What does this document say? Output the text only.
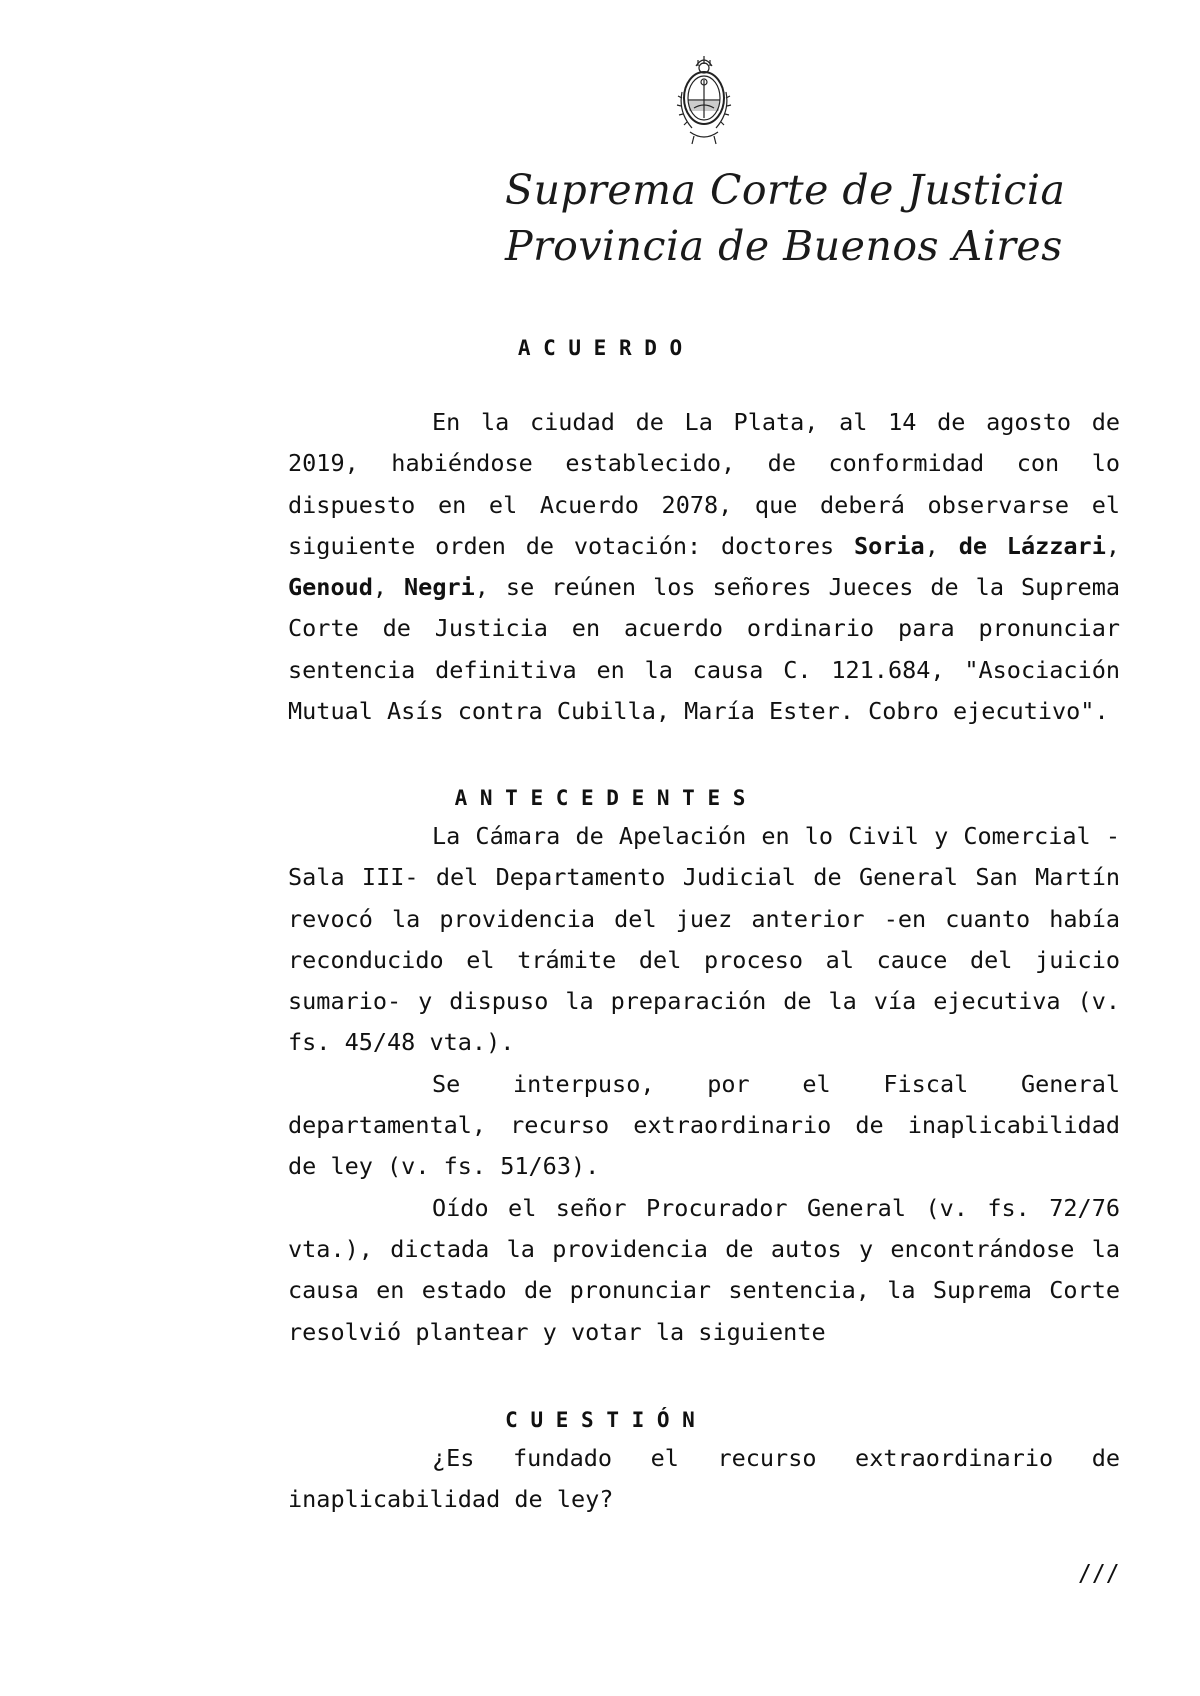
Suprema Corte de Justicia
Provincia de Buenos Aires
A C U E R D O

En la ciudad de La Plata, al 14 de agosto de 2019, habiéndose establecido, de conformidad con lo dispuesto en el Acuerdo 2078, que deberá observarse el siguiente orden de votación: doctores Soria, de Lázzari, Genoud, Negri, se reúnen los señores Jueces de la Suprema Corte de Justicia en acuerdo ordinario para pronunciar sentencia definitiva en la causa C. 121.684, "Asociación Mutual Asís contra Cubilla, María Ester. Cobro ejecutivo".

A N T E C E D E N T E S

La Cámara de Apelación en lo Civil y Comercial -Sala III- del Departamento Judicial de General San Martín revocó la providencia del juez anterior -en cuanto había reconducido el trámite del proceso al cauce del juicio sumario- y dispuso la preparación de la vía ejecutiva (v. fs. 45/48 vta.).

Se interpuso, por el Fiscal General departamental, recurso extraordinario de inaplicabilidad de ley (v. fs. 51/63).

Oído el señor Procurador General (v. fs. 72/76 vta.), dictada la providencia de autos y encontrándose la causa en estado de pronunciar sentencia, la Suprema Corte resolvió plantear y votar la siguiente

C U E S T I Ó N

¿Es fundado el recurso extraordinario de inaplicabilidad de ley?

///
